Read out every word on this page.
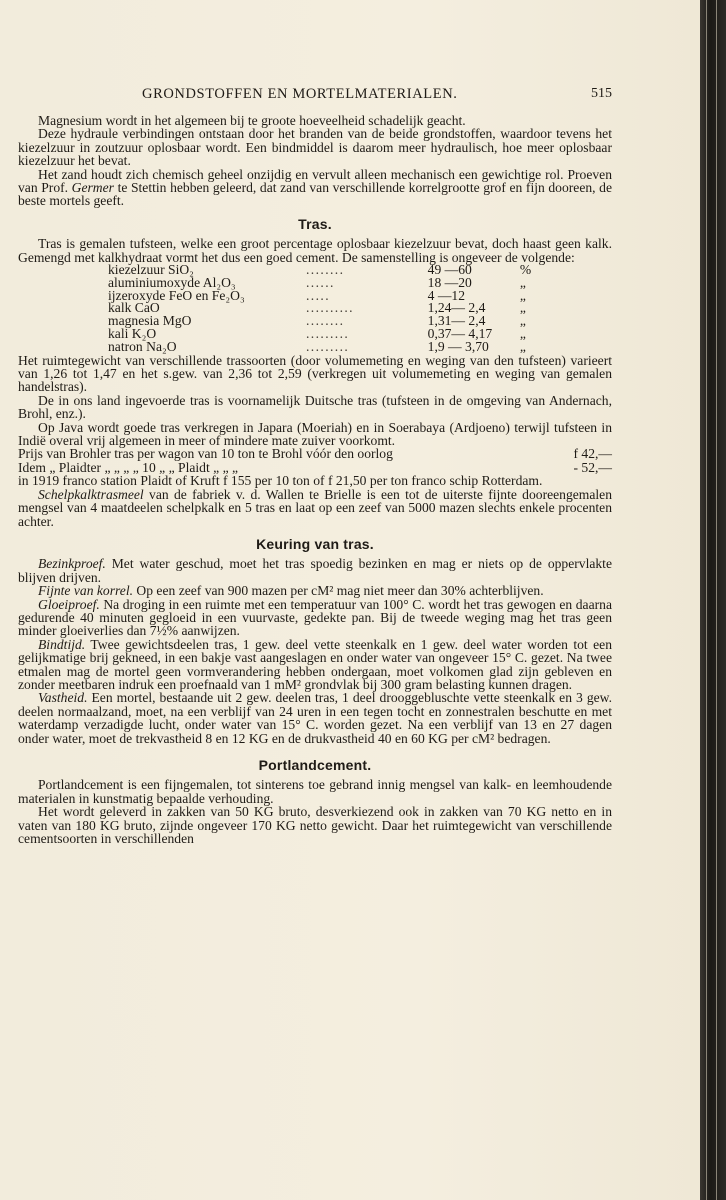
GRONDSTOFFEN EN MORTELMATERIALEN.	515

Magnesium wordt in het algemeen bij te groote hoeveelheid schadelijk geacht.

Deze hydraule verbindingen ontstaan door het branden van de beide grondstoffen, waardoor tevens het kiezelzuur in zoutzuur oplosbaar wordt. Een bindmiddel is daarom meer hydraulisch, hoe meer oplosbaar kiezelzuur het bevat.

Het zand houdt zich chemisch geheel onzijdig en vervult alleen mechanisch een gewichtige rol. Proeven van Prof. Germer te Stettin hebben geleerd, dat zand van verschillende korrelgrootte grof en fijn dooreen, de beste mortels geeft.

Tras.

Tras is gemalen tufsteen, welke een groot percentage oplosbaar kiezelzuur bevat, doch haast geen kalk. Gemengd met kalkhydraat vormt het dus een goed cement. De samenstelling is ongeveer de volgende:

kiezelzuur SiO₂	........	49 —60	%
aluminiumoxyde Al₂O₃	......	18 —20	„
ijzeroxyde FeO en Fe₂O₃	.....	4 —12	„
kalk CaO	..........	1,24— 2,4	„
magnesia MgO	........	1,31— 2,4	„
kali K₂O	.........	0,37— 4,17	„
natron Na₂O	.........	1,9 — 3,70	„

Het ruimtegewicht van verschillende trassoorten (door volumemeting en weging van den tufsteen) varieert van 1,26 tot 1,47 en het s.gew. van 2,36 tot 2,59 (verkregen uit volumemeting en weging van gemalen handelstras).

De in ons land ingevoerde tras is voornamelijk Duitsche tras (tufsteen in de omgeving van Andernach, Brohl, enz.).

Op Java wordt goede tras verkregen in Japara (Moeriah) en in Soerabaya (Ardjoeno) terwijl tufsteen in Indië overal vrij algemeen in meer of mindere mate zuiver voorkomt.

Prijs van Brohler tras per wagon van 10 ton te Brohl vóór den oorlog	f 42,—
Idem „ Plaidter „ „ „ „ 10 „ „ Plaidt „ „ „	- 52,—

in 1919 franco station Plaidt of Kruft f 155 per 10 ton of f 21,50 per ton franco schip Rotterdam.

Schelpkalktrasmeel van de fabriek v. d. Wallen te Brielle is een tot de uiterste fijnte dooreengemalen mengsel van 4 maatdeelen schelpkalk en 5 tras en laat op een zeef van 5000 mazen slechts enkele procenten achter.

Keuring van tras.

Bezinkproef. Met water geschud, moet het tras spoedig bezinken en mag er niets op de oppervlakte blijven drijven.

Fijnte van korrel. Op een zeef van 900 mazen per cM² mag niet meer dan 30% achterblijven.

Gloeiproef. Na droging in een ruimte met een temperatuur van 100° C. wordt het tras gewogen en daarna gedurende 40 minuten gegloeid in een vuurvaste, gedekte pan. Bij de tweede weging mag het tras geen minder gloeiverlies dan 7½% aanwijzen.

Bindtijd. Twee gewichtsdeelen tras, 1 gew. deel vette steenkalk en 1 gew. deel water worden tot een gelijkmatige brij gekneed, in een bakje vast aangeslagen en onder water van ongeveer 15° C. gezet. Na twee etmalen mag de mortel geen vormverandering hebben ondergaan, moet volkomen glad zijn gebleven en zonder meetbaren indruk een proefnaald van 1 mM² grondvlak bij 300 gram belasting kunnen dragen.

Vastheid. Een mortel, bestaande uit 2 gew. deelen tras, 1 deel drooggebluschte vette steenkalk en 3 gew. deelen normaalzand, moet, na een verblijf van 24 uren in een tegen tocht en zonnestralen beschutte en met waterdamp verzadigde lucht, onder water van 15° C. worden gezet. Na een verblijf van 13 en 27 dagen onder water, moet de trekvastheid 8 en 12 KG en de drukvastheid 40 en 60 KG per cM² bedragen.

Portlandcement.

Portlandcement is een fijngemalen, tot sinterens toe gebrand innig mengsel van kalk- en leemhoudende materialen in kunstmatig bepaalde verhouding.

Het wordt geleverd in zakken van 50 KG bruto, desverkiezend ook in zakken van 70 KG netto en in vaten van 180 KG bruto, zijnde ongeveer 170 KG netto gewicht. Daar het ruimtegewicht van verschillende cementsoorten in verschillenden
